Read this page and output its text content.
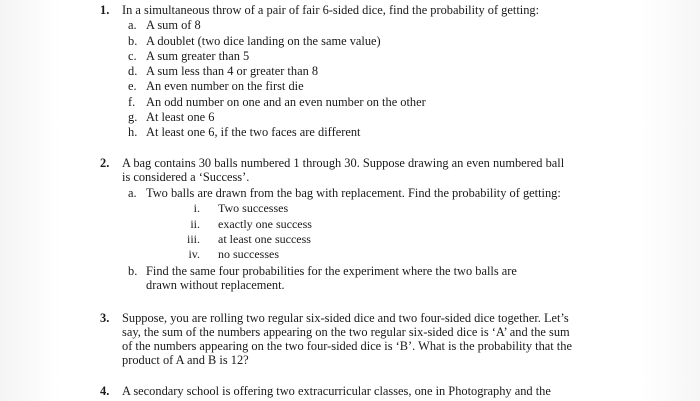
1.	In a simultaneous throw of a pair of fair 6-sided dice, find the probability of getting:
a. A sum of 8
b. A doublet (two dice landing on the same value)
c. A sum greater than 5
d. A sum less than 4 or greater than 8
e. An even number on the first die
f. An odd number on one and an even number on the other
g. At least one 6
h. At least one 6, if the two faces are different
2.	A bag contains 30 balls numbered 1 through 30. Suppose drawing an even numbered ball
is considered a ‘Success’.
a. Two balls are drawn from the bag with replacement. Find the probability of getting:
i. Two successes
ii. exactly one success
iii. at least one success
iv. no successes
b. Find the same four probabilities for the experiment where the two balls are
drawn without replacement.
3.	Suppose, you are rolling two regular six-sided dice and two four-sided dice together. Let’s
say, the sum of the numbers appearing on the two regular six-sided dice is ‘A’ and the sum
of the numbers appearing on the two four-sided dice is ‘B’. What is the probability that the
product of A and B is 12?
4.	A secondary school is offering two extracurricular classes, one in Photography and the
